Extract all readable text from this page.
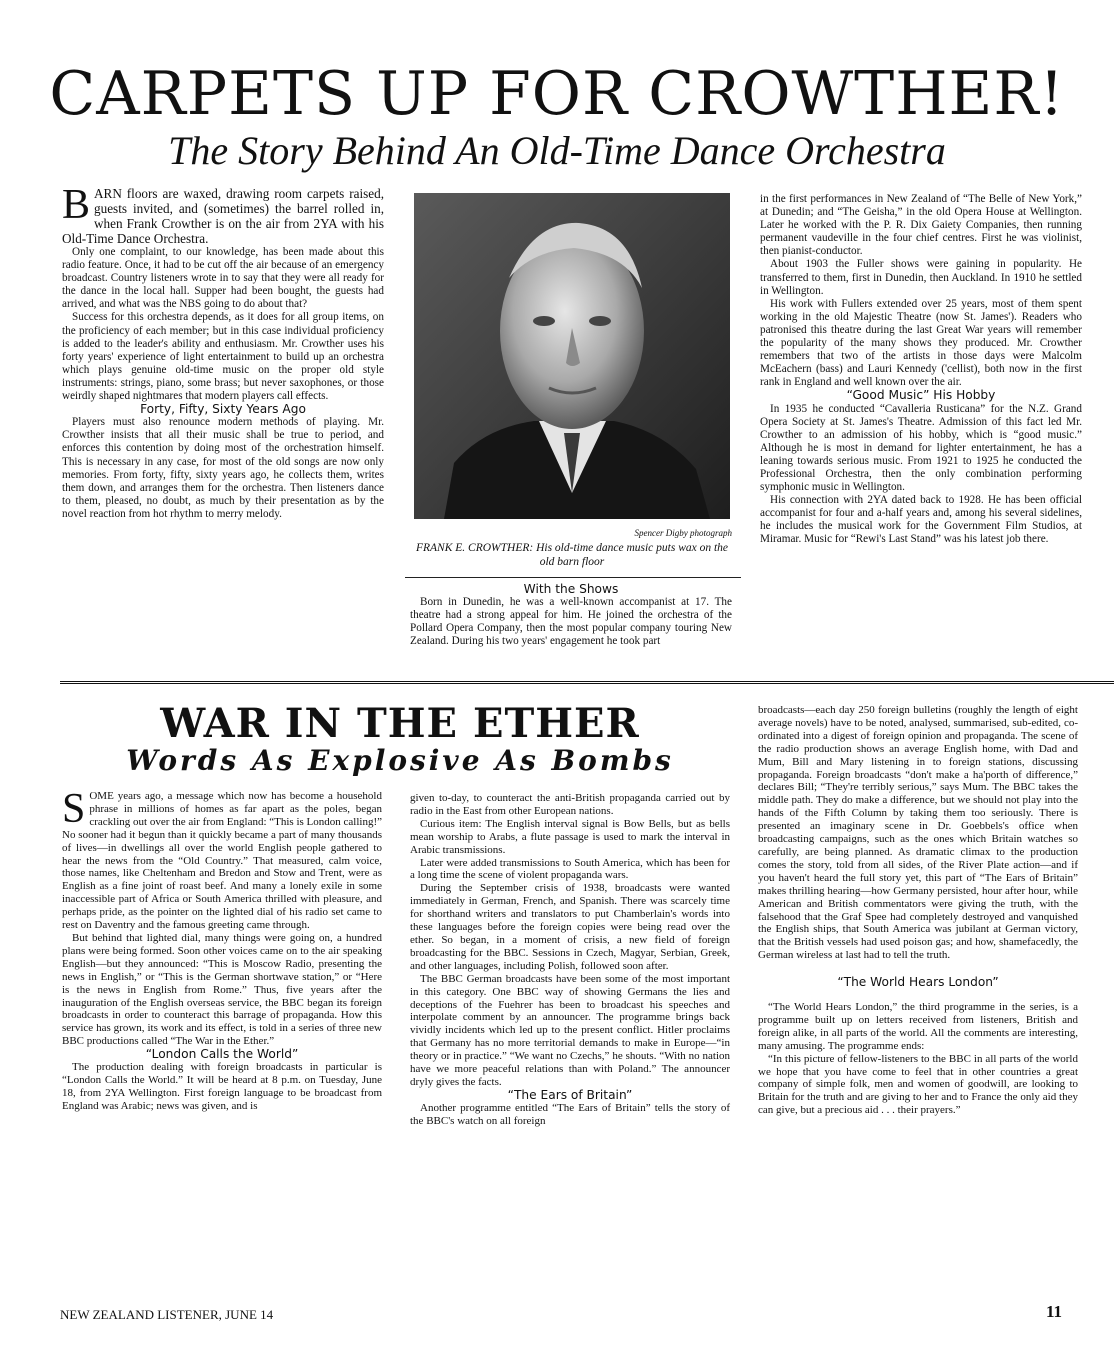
CARPETS UP FOR CROWTHER!
The Story Behind An Old-Time Dance Orchestra

BARN floors are waxed, drawing room carpets raised, guests invited, and (sometimes) the barrel rolled in, when Frank Crowther is on the air from 2YA with his Old-Time Dance Orchestra.

Only one complaint, to our knowledge, has been made about this radio feature. Once, it had to be cut off the air because of an emergency broadcast. Country listeners wrote in to say that they were all ready for the dance in the local hall. Supper had been bought, the guests had arrived, and what was the NBS going to do about that?

Success for this orchestra depends, as it does for all group items, on the proficiency of each member; but in this case individual proficiency is added to the leader's ability and enthusiasm. Mr. Crowther uses his forty years' experience of light entertainment to build up an orchestra which plays genuine old-time music on the proper old style instruments: strings, piano, some brass; but never saxophones, or those weirdly shaped nightmares that modern players call effects.

Forty, Fifty, Sixty Years Ago

Players must also renounce modern methods of playing. Mr. Crowther insists that all their music shall be true to period, and enforces this contention by doing most of the orchestration himself. This is necessary in any case, for most of the old songs are now only memories. From forty, fifty, sixty years ago, he collects them, writes them down, and arranges them for the orchestra. Then listeners dance to them, pleased, no doubt, as much by their presentation as by the novel reaction from hot rhythm to merry melody.

Spencer Digby photograph
FRANK E. CROWTHER: His old-time dance music puts wax on the old barn floor

With the Shows

Born in Dunedin, he was a well-known accompanist at 17. The theatre had a strong appeal for him. He joined the orchestra of the Pollard Opera Company, then the most popular company touring New Zealand. During his two years' engagement he took part

in the first performances in New Zealand of “The Belle of New York,” at Dunedin; and “The Geisha,” in the old Opera House at Wellington. Later he worked with the P. R. Dix Gaiety Companies, then running permanent vaudeville in the four chief centres. First he was violinist, then pianist-conductor.

About 1903 the Fuller shows were gaining in popularity. He transferred to them, first in Dunedin, then Auckland. In 1910 he settled in Wellington.

His work with Fullers extended over 25 years, most of them spent working in the old Majestic Theatre (now St. James'). Readers who patronised this theatre during the last Great War years will remember the popularity of the many shows they produced. Mr. Crowther remembers that two of the artists in those days were Malcolm McEachern (bass) and Lauri Kennedy ('cellist), both now in the first rank in England and well known over the air.

“Good Music” His Hobby

In 1935 he conducted “Cavalleria Rusticana” for the N.Z. Grand Opera Society at St. James's Theatre. Admission of this fact led Mr. Crowther to an admission of his hobby, which is “good music.” Although he is most in demand for lighter entertainment, he has a leaning towards serious music. From 1921 to 1925 he conducted the Professional Orchestra, then the only combination performing symphonic music in Wellington.

His connection with 2YA dated back to 1928. He has been official accompanist for four and a-half years and, among his several sidelines, he includes the musical work for the Government Film Studios, at Miramar. Music for “Rewi's Last Stand” was his latest job there.

WAR IN THE ETHER
Words As Explosive As Bombs

SOME years ago, a message which now has become a household phrase in millions of homes as far apart as the poles, began crackling out over the air from England: “This is London calling!” No sooner had it begun than it quickly became a part of many thousands of lives—in dwellings all over the world English people gathered to hear the news from the “Old Country.” That measured, calm voice, those names, like Cheltenham and Bredon and Stow and Trent, were as English as a fine joint of roast beef. And many a lonely exile in some inaccessible part of Africa or South America thrilled with pleasure, and perhaps pride, as the pointer on the lighted dial of his radio set came to rest on Daventry and the famous greeting came through.

But behind that lighted dial, many things were going on, a hundred plans were being formed. Soon other voices came on to the air speaking English—but they announced: “This is Moscow Radio, presenting the news in English,” or “This is the German shortwave station,” or “Here is the news in English from Rome.” Thus, five years after the inauguration of the English overseas service, the BBC began its foreign broadcasts in order to counteract this barrage of propaganda. How this service has grown, its work and its effect, is told in a series of three new BBC productions called “The War in the Ether.”

“London Calls the World”

The production dealing with foreign broadcasts in particular is “London Calls the World.” It will be heard at 8 p.m. on Tuesday, June 18, from 2YA Wellington. First foreign language to be broadcast from England was Arabic; news was given, and is

given to-day, to counteract the anti-British propaganda carried out by radio in the East from other European nations.

Curious item: The English interval signal is Bow Bells, but as bells mean worship to Arabs, a flute passage is used to mark the interval in Arabic transmissions.

Later were added transmissions to South America, which has been for a long time the scene of violent propaganda wars.

During the September crisis of 1938, broadcasts were wanted immediately in German, French, and Spanish. There was scarcely time for shorthand writers and translators to put Chamberlain's words into these languages before the foreign copies were being read over the ether. So began, in a moment of crisis, a new field of foreign broadcasting for the BBC. Sessions in Czech, Magyar, Serbian, Greek, and other languages, including Polish, followed soon after.

The BBC German broadcasts have been some of the most important in this category. One BBC way of showing Germans the lies and deceptions of the Fuehrer has been to broadcast his speeches and interpolate comment by an announcer. The programme brings back vividly incidents which led up to the present conflict. Hitler proclaims that Germany has no more territorial demands to make in Europe—“in theory or in practice.” “We want no Czechs,” he shouts. “With no nation have we more peaceful relations than with Poland.” The announcer dryly gives the facts.

“The Ears of Britain”

Another programme entitled “The Ears of Britain” tells the story of the BBC's watch on all foreign

broadcasts—each day 250 foreign bulletins (roughly the length of eight average novels) have to be noted, analysed, summarised, sub-edited, co-ordinated into a digest of foreign opinion and propaganda. The scene of the radio production shows an average English home, with Dad and Mum, Bill and Mary listening in to foreign stations, discussing propaganda. Foreign broadcasts “don't make a ha'porth of difference,” declares Bill; “They're terribly serious,” says Mum. The BBC takes the middle path. They do make a difference, but we should not play into the hands of the Fifth Column by taking them too seriously. There is presented an imaginary scene in Dr. Goebbels's office when broadcasting campaigns, such as the ones which Britain watches so carefully, are being planned. As dramatic climax to the production comes the story, told from all sides, of the River Plate action—and if you haven't heard the full story yet, this part of “The Ears of Britain” makes thrilling hearing—how Germany persisted, hour after hour, while American and British commentators were giving the truth, with the falsehood that the Graf Spee had completely destroyed and vanquished the English ships, that South America was jubilant at German victory, that the British vessels had used poison gas; and how, shamefacedly, the German wireless at last had to tell the truth.

“The World Hears London”

“The World Hears London,” the third programme in the series, is a programme built up on letters received from listeners, British and foreign alike, in all parts of the world. All the comments are interesting, many amusing. The programme ends:

“In this picture of fellow-listeners to the BBC in all parts of the world we hope that you have come to feel that in other countries a great company of simple folk, men and women of goodwill, are looking to Britain for the truth and are giving to her and to France the only aid they can give, but a precious aid . . . their prayers.”

NEW ZEALAND LISTENER, JUNE 14	11
